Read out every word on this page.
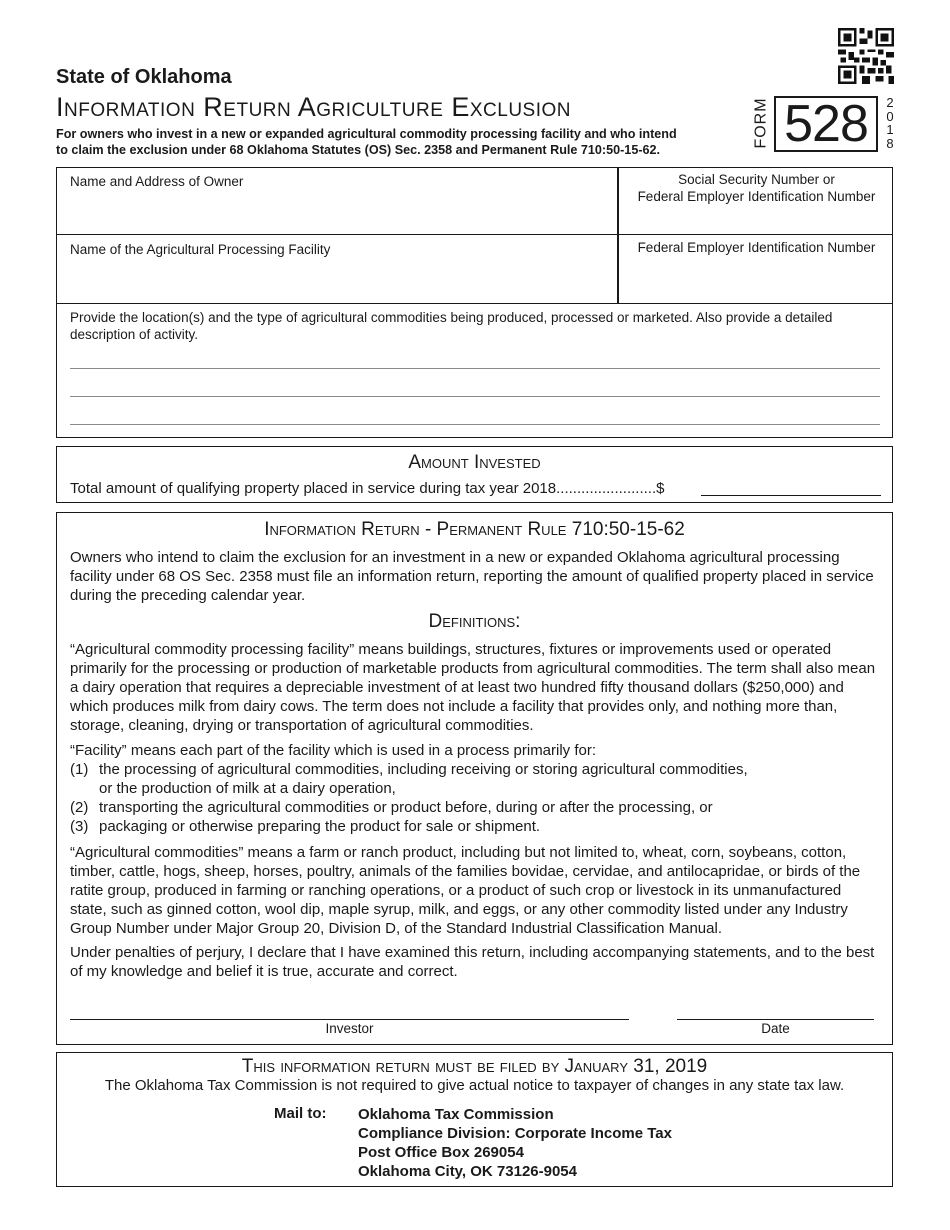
State of Oklahoma
Information Return Agriculture Exclusion
For owners who invest in a new or expanded agricultural commodity processing facility and who intend
to claim the exclusion under 68 Oklahoma Statutes (OS) Sec. 2358 and Permanent Rule 710:50-15-62.
FORM 528	2
0
1
8
Name and Address of Owner	Social Security Number or
Federal Employer Identification Number
Name of the Agricultural Processing Facility	Federal Employer Identification Number
Provide the location(s) and the type of agricultural commodities being produced, processed or marketed. Also provide a detailed description of activity.
Amount Invested
Total amount of qualifying property placed in service during tax year 2018........................$
Information Return - Permanent Rule 710:50-15-62
Owners who intend to claim the exclusion for an investment in a new or expanded Oklahoma agricultural processing facility under 68 OS Sec. 2358 must file an information return, reporting the amount of qualified property placed in service during the preceding calendar year.
Definitions:
“Agricultural commodity processing facility” means buildings, structures, fixtures or improvements used or operated primarily for the processing or production of marketable products from agricultural commodities. The term shall also mean a dairy operation that requires a depreciable investment of at least two hundred fifty thousand dollars ($250,000) and which produces milk from dairy cows. The term does not include a facility that provides only, and nothing more than, storage, cleaning, drying or transportation of agricultural commodities.
“Facility” means each part of the facility which is used in a process primarily for:
(1) the processing of agricultural commodities, including receiving or storing agricultural commodities,
or the production of milk at a dairy operation,
(2) transporting the agricultural commodities or product before, during or after the processing, or
(3) packaging or otherwise preparing the product for sale or shipment.
“Agricultural commodities” means a farm or ranch product, including but not limited to, wheat, corn, soybeans, cotton, timber, cattle, hogs, sheep, horses, poultry, animals of the families bovidae, cervidae, and antilocapridae, or birds of the ratite group, produced in farming or ranching operations, or a product of such crop or livestock in its unmanufactured state, such as ginned cotton, wool dip, maple syrup, milk, and eggs, or any other commodity listed under any Industry Group Number under Major Group 20, Division D, of the Standard Industrial Classification Manual.
Under penalties of perjury, I declare that I have examined this return, including accompanying statements, and to the best of my knowledge and belief it is true, accurate and correct.
Investor	Date
This information return must be filed by January 31, 2019
The Oklahoma Tax Commission is not required to give actual notice to taxpayer of changes in any state tax law.
Mail to: Oklahoma Tax Commission
Compliance Division: Corporate Income Tax
Post Office Box 269054
Oklahoma City, OK 73126-9054
